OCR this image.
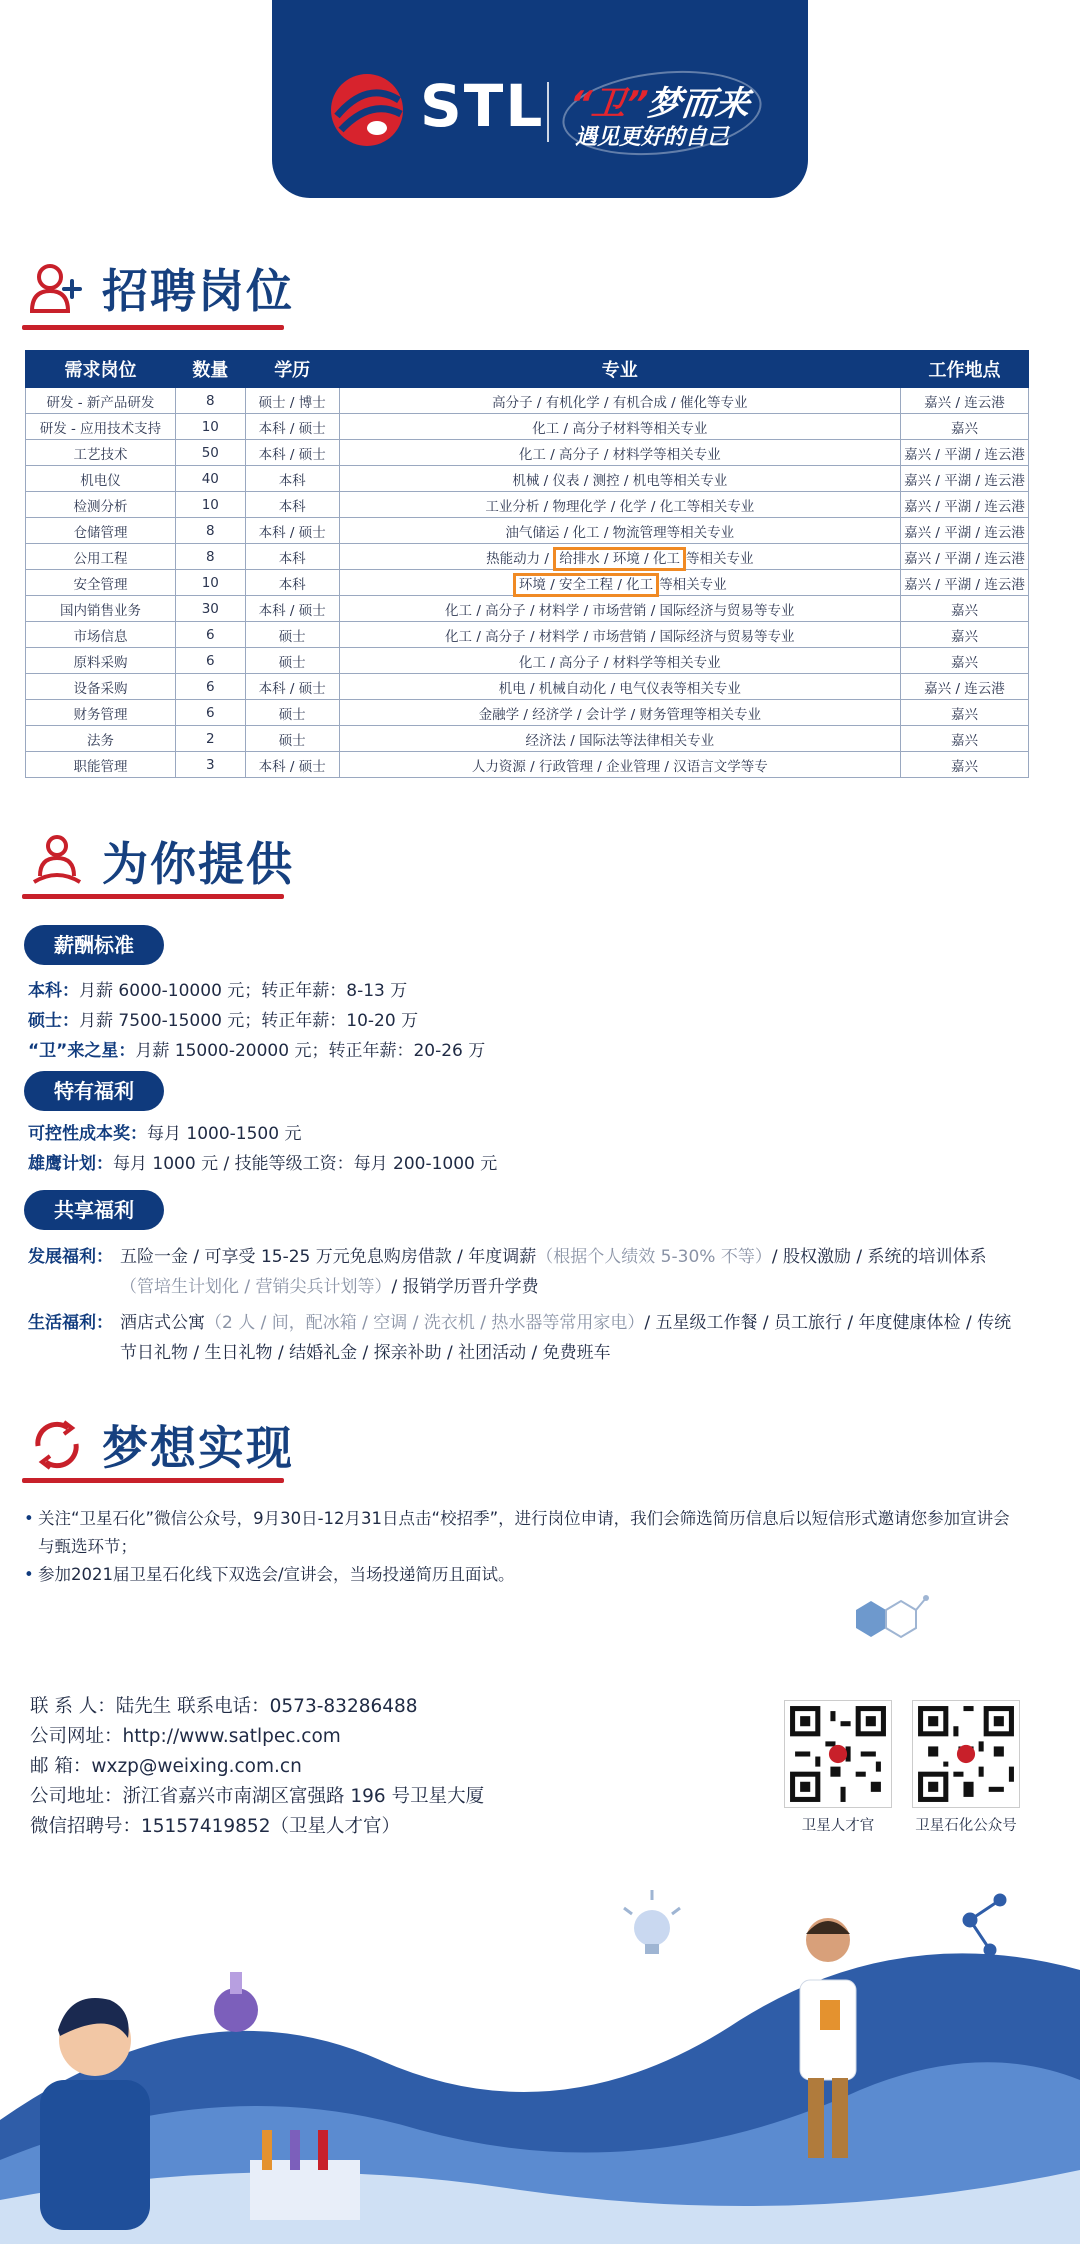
STL “卫”梦而来
遇见更好的自己
招聘岗位
需求岗位	数量	学历	专业	工作地点
研发 - 新产品研发	8	硕士 / 博士	高分子 / 有机化学 / 有机合成 / 催化等专业	嘉兴 / 连云港
研发 - 应用技术支持	10	本科 / 硕士	化工 / 高分子材料等相关专业	嘉兴
工艺技术	50	本科 / 硕士	化工 / 高分子 / 材料学等相关专业	嘉兴 / 平湖 / 连云港
机电仪	40	本科	机械 / 仪表 / 测控 / 机电等相关专业	嘉兴 / 平湖 / 连云港
检测分析	10	本科	工业分析 / 物理化学 / 化学 / 化工等相关专业	嘉兴 / 平湖 / 连云港
仓储管理	8	本科 / 硕士	油气储运 / 化工 / 物流管理等相关专业	嘉兴 / 平湖 / 连云港
公用工程	8	本科	热能动力 / 给排水 / 环境 / 化工 等相关专业	嘉兴 / 平湖 / 连云港
安全管理	10	本科	环境 / 安全工程 / 化工 等相关专业	嘉兴 / 平湖 / 连云港
国内销售业务	30	本科 / 硕士	化工 / 高分子 / 材料学 / 市场营销 / 国际经济与贸易等专业	嘉兴
市场信息	6	硕士	化工 / 高分子 / 材料学 / 市场营销 / 国际经济与贸易等专业	嘉兴
原料采购	6	硕士	化工 / 高分子 / 材料学等相关专业	嘉兴
设备采购	6	本科 / 硕士	机电 / 机械自动化 / 电气仪表等相关专业	嘉兴 / 连云港
财务管理	6	硕士	金融学 / 经济学 / 会计学 / 财务管理等相关专业	嘉兴
法务	2	硕士	经济法 / 国际法等法律相关专业	嘉兴
职能管理	3	本科 / 硕士	人力资源 / 行政管理 / 企业管理 / 汉语言文学等专	嘉兴
为你提供
薪酬标准
本科：月薪 6000-10000 元；转正年薪：8-13 万
硕士：月薪 7500-15000 元；转正年薪：10-20 万
“卫”来之星：月薪 15000-20000 元；转正年薪：20-26 万
特有福利
可控性成本奖：每月 1000-1500 元
雄鹰计划：每月 1000 元 / 技能等级工资：每月 200-1000 元
共享福利
发展福利： 五险一金 / 可享受 15-25 万元免息购房借款 / 年度调薪（根据个人绩效 5-30% 不等）/ 股权激励 / 系统的培训体系（管培生计划化 / 营销尖兵计划等）/ 报销学历晋升学费
生活福利： 酒店式公寓（2 人 / 间，配冰箱 / 空调 / 洗衣机 / 热水器等常用家电）/ 五星级工作餐 / 员工旅行 / 年度健康体检 / 传统节日礼物 / 生日礼物 / 结婚礼金 / 探亲补助 / 社团活动 / 免费班车
梦想实现
• 关注“卫星石化”微信公众号，9月30日-12月31日点击“校招季”，进行岗位申请，我们会筛选简历信息后以短信形式邀请您参加宣讲会与甄选环节；
• 参加2021届卫星石化线下双选会/宣讲会，当场投递简历且面试。
联 系 人：陆先生 联系电话：0573-83286488
公司网址：http://www.satlpec.com
邮 箱：wxzp@weixing.com.cn
公司地址：浙江省嘉兴市南湖区富强路 196 号卫星大厦
微信招聘号：15157419852（卫星人才官）	卫星人才官	卫星石化公众号
